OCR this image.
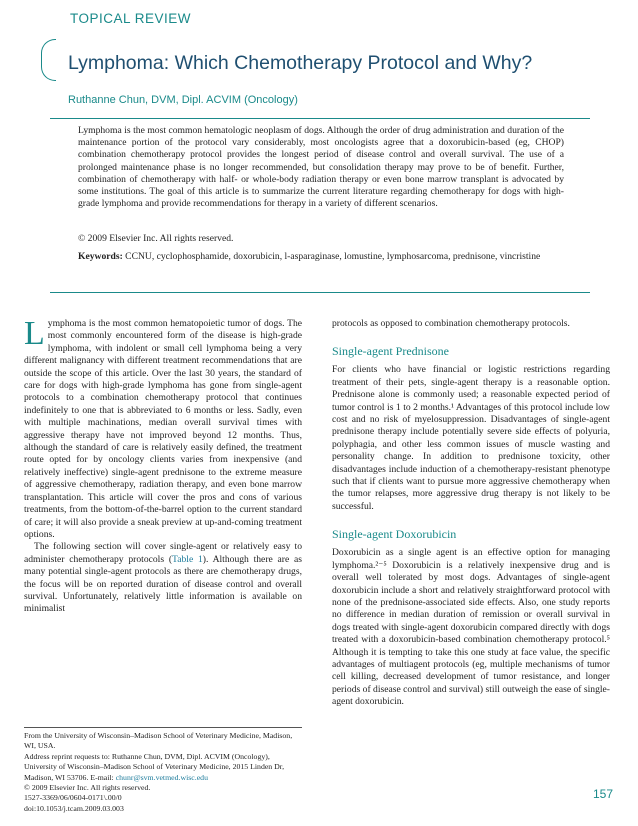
TOPICAL REVIEW
Lymphoma: Which Chemotherapy Protocol and Why?
Ruthanne Chun, DVM, Dipl. ACVIM (Oncology)

Lymphoma is the most common hematologic neoplasm of dogs. Although the order of drug administration and duration of the maintenance portion of the protocol vary considerably, most oncologists agree that a doxorubicin-based (eg, CHOP) combination chemotherapy protocol provides the longest period of disease control and overall survival. The use of a prolonged maintenance phase is no longer recommended, but consolidation therapy may prove to be of benefit. Further, combination of chemotherapy with half- or whole-body radiation therapy or even bone marrow transplant is advocated by some institutions. The goal of this article is to summarize the current literature regarding chemotherapy for dogs with high-grade lymphoma and provide recommendations for therapy in a variety of different scenarios.

© 2009 Elsevier Inc. All rights reserved.

Keywords: CCNU, cyclophosphamide, doxorubicin, l-asparaginase, lomustine, lymphosarcoma, prednisone, vincristine

Lymphoma is the most common hematopoietic tumor of dogs. The most commonly encountered form of the disease is high-grade lymphoma, with indolent or small cell lymphoma being a very different malignancy with different treatment recommendations that are outside the scope of this article. Over the last 30 years, the standard of care for dogs with high-grade lymphoma has gone from single-agent protocols to a combination chemotherapy protocol that continues indefinitely to one that is abbreviated to 6 months or less. Sadly, even with multiple machinations, median overall survival times with aggressive therapy have not improved beyond 12 months. Thus, although the standard of care is relatively easily defined, the treatment route opted for by oncology clients varies from inexpensive (and relatively ineffective) single-agent prednisone to the extreme measure of aggressive chemotherapy, radiation therapy, and even bone marrow transplantation. This article will cover the pros and cons of various treatments, from the bottom-of-the-barrel option to the current standard of care; it will also provide a sneak preview at up-and-coming treatment options.

The following section will cover single-agent or relatively easy to administer chemotherapy protocols (Table 1). Although there are as many potential single-agent protocols as there are chemotherapy drugs, the focus will be on reported duration of disease control and overall survival. Unfortunately, relatively little information is available on minimalist

protocols as opposed to combination chemotherapy protocols.

Single-agent Prednisone

For clients who have financial or logistic restrictions regarding treatment of their pets, single-agent therapy is a reasonable option. Prednisone alone is commonly used; a reasonable expected period of tumor control is 1 to 2 months.¹ Advantages of this protocol include low cost and no risk of myelosuppression. Disadvantages of single-agent prednisone therapy include potentially severe side effects of polyuria, polyphagia, and other less common issues of muscle wasting and personality change. In addition to prednisone toxicity, other disadvantages include induction of a chemotherapy-resistant phenotype such that if clients want to pursue more aggressive chemotherapy when the tumor relapses, more aggressive drug therapy is not likely to be successful.

Single-agent Doxorubicin

Doxorubicin as a single agent is an effective option for managing lymphoma.²⁻⁵ Doxorubicin is a relatively inexpensive drug and is overall well tolerated by most dogs. Advantages of single-agent doxorubicin include a short and relatively straightforward protocol with none of the prednisone-associated side effects. Also, one study reports no difference in median duration of remission or overall survival in dogs treated with single-agent doxorubicin compared directly with dogs treated with a doxorubicin-based combination chemotherapy protocol.⁵ Although it is tempting to take this one study at face value, the specific advantages of multiagent protocols (eg, multiple mechanisms of tumor cell killing, decreased development of tumor resistance, and longer periods of disease control and survival) still outweigh the ease of single-agent doxorubicin.

From the University of Wisconsin–Madison School of Veterinary Medicine, Madison, WI, USA.
Address reprint requests to: Ruthanne Chun, DVM, Dipl. ACVIM (Oncology), University of Wisconsin–Madison School of Veterinary Medicine, 2015 Linden Dr, Madison, WI 53706. E-mail: chunr@svm.vetmed.wisc.edu
© 2009 Elsevier Inc. All rights reserved.
1527-3369/06/0604-0171\.00/0
doi:10.1053/j.tcam.2009.03.003
157
